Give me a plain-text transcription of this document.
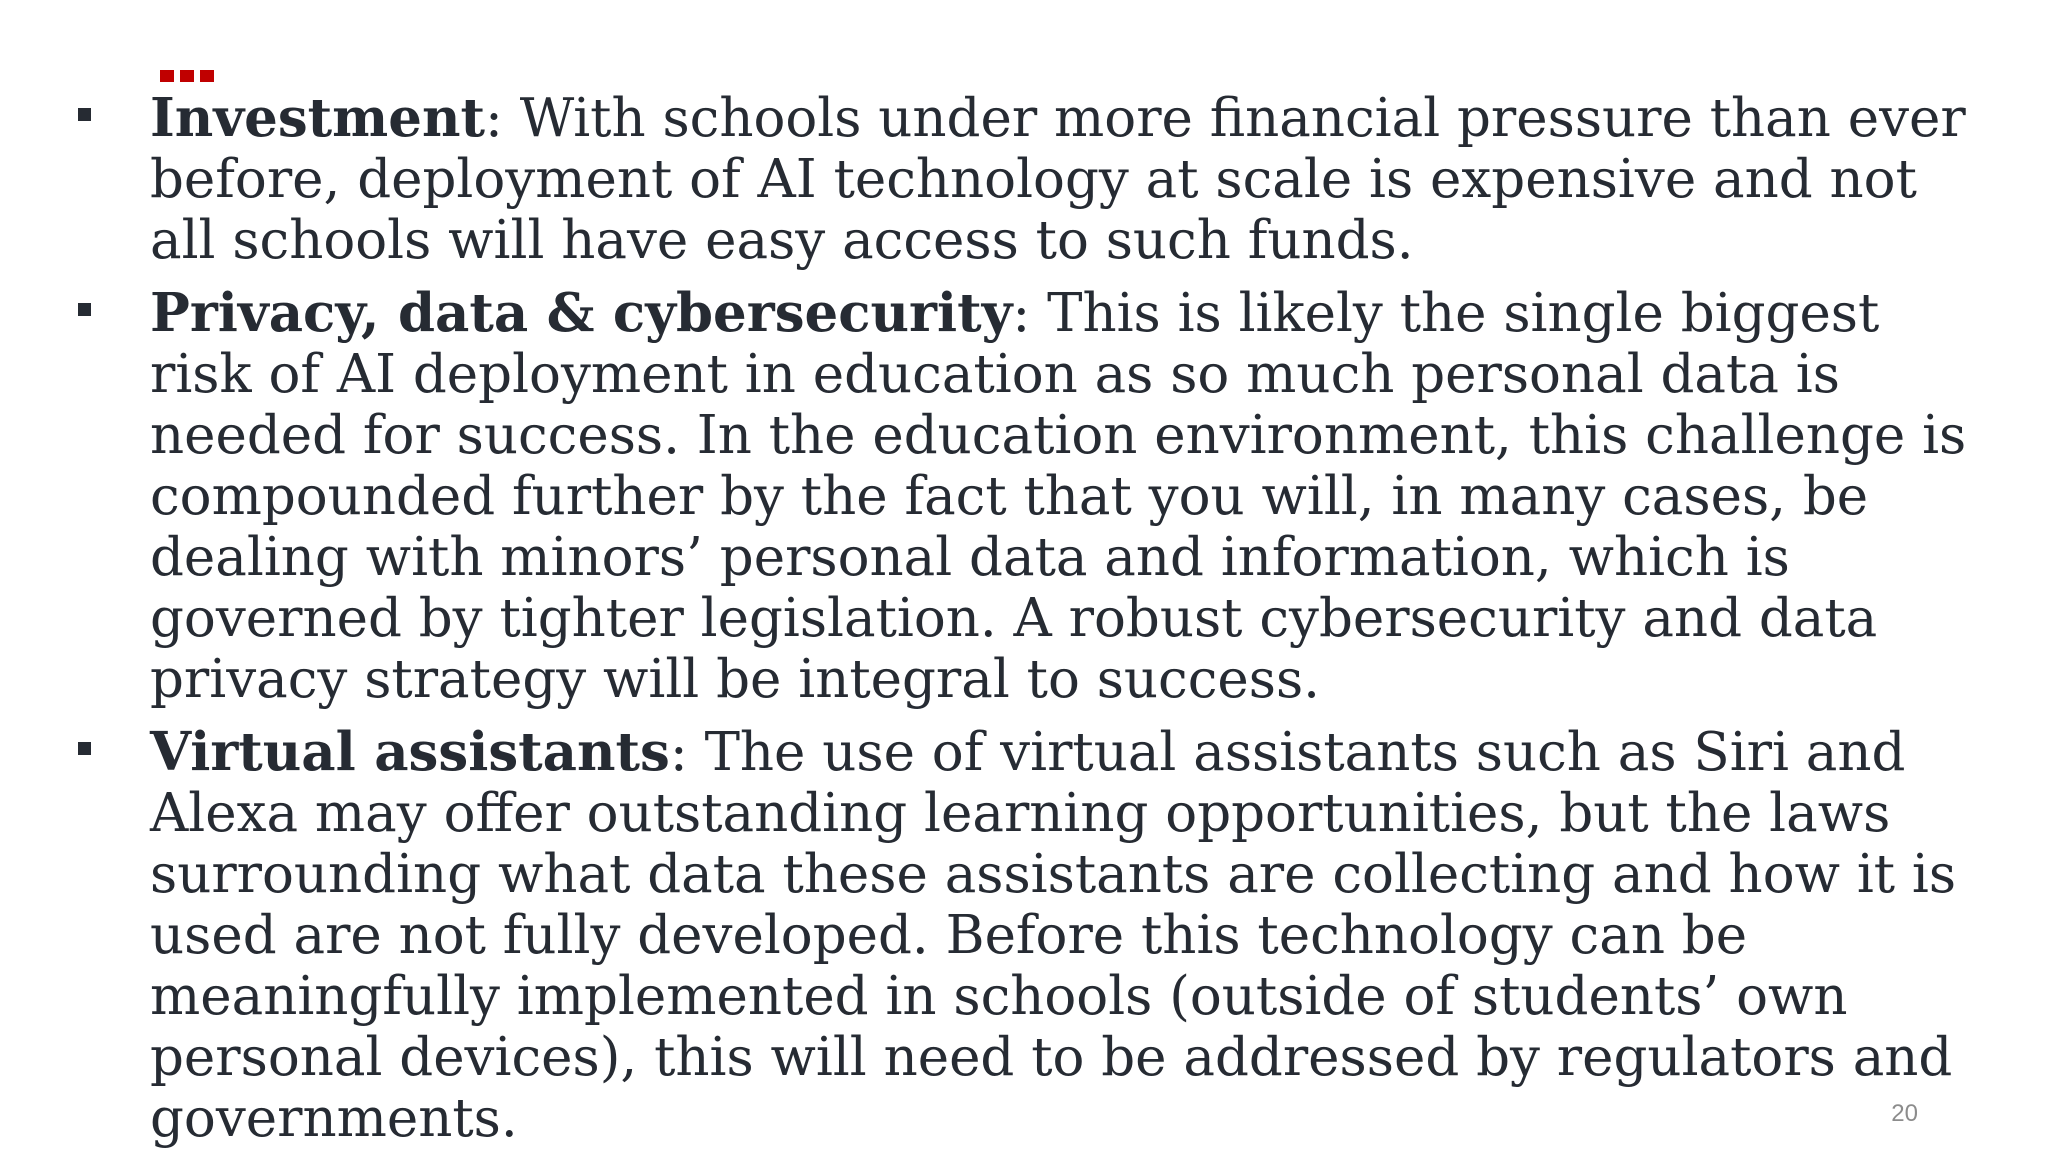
Investment: With schools under more financial pressure than ever before, deployment of AI technology at scale is expensive and not all schools will have easy access to such funds.
Privacy, data & cybersecurity: This is likely the single biggest risk of AI deployment in education as so much personal data is needed for success. In the education environment, this challenge is compounded further by the fact that you will, in many cases, be dealing with minors’ personal data and information, which is governed by tighter legislation. A robust cybersecurity and data privacy strategy will be integral to success.
Virtual assistants: The use of virtual assistants such as Siri and Alexa may offer outstanding learning opportunities, but the laws surrounding what data these assistants are collecting and how it is used are not fully developed. Before this technology can be meaningfully implemented in schools (outside of students’ own personal devices), this will need to be addressed by regulators and governments.	20
